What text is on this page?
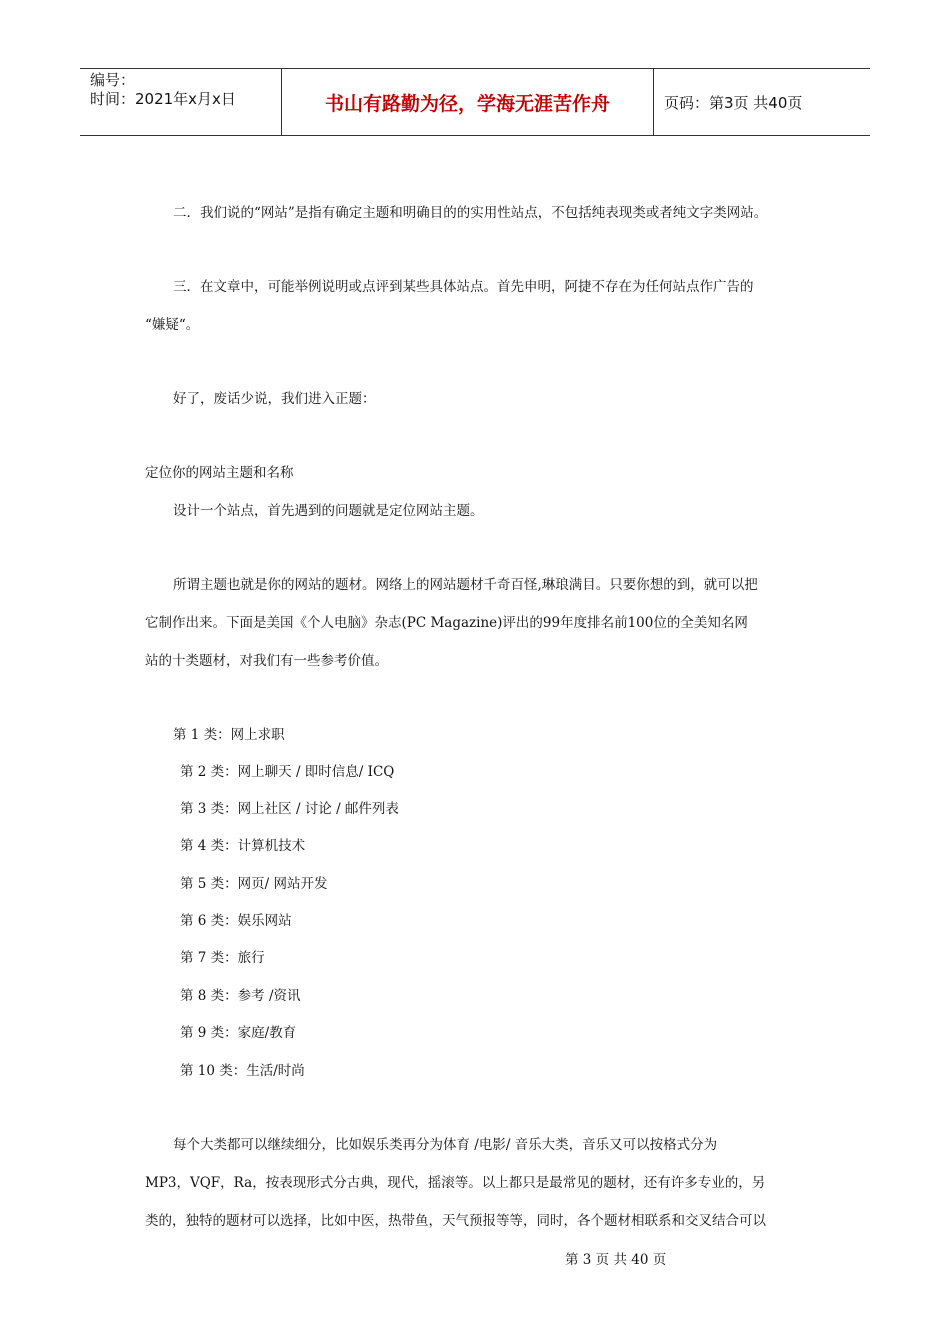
编号：
时间：2021年x月x日	书山有路勤为径，学海无涯苦作舟	页码：第3页 共40页
二．我们说的“网站”是指有确定主题和明确目的的实用性站点，不包括纯表现类或者纯文字类网站。
三．在文章中，可能举例说明或点评到某些具体站点。首先申明，阿捷不存在为任何站点作广告的
“嫌疑“。
好了，废话少说，我们进入正题：
定位你的网站主题和名称
设计一个站点，首先遇到的问题就是定位网站主题。
所谓主题也就是你的网站的题材。网络上的网站题材千奇百怪,琳琅满目。只要你想的到，就可以把
它制作出来。下面是美国《个人电脑》杂志(PC Magazine)评出的99年度排名前100位的全美知名网
站的十类题材，对我们有一些参考价值。
第 1 类：网上求职
第 2 类：网上聊天 / 即时信息/ ICQ
第 3 类：网上社区 / 讨论 / 邮件列表
第 4 类：计算机技术
第 5 类：网页/ 网站开发
第 6 类：娱乐网站
第 7 类：旅行
第 8 类：参考 /资讯
第 9 类：家庭/教育
第 10 类：生活/时尚
每个大类都可以继续细分，比如娱乐类再分为体育 /电影/ 音乐大类，音乐又可以按格式分为
MP3，VQF，Ra，按表现形式分古典，现代，摇滚等。以上都只是最常见的题材，还有许多专业的，另
类的，独特的题材可以选择，比如中医，热带鱼，天气预报等等，同时，各个题材相联系和交叉结合可以
第 3 页 共 40 页
